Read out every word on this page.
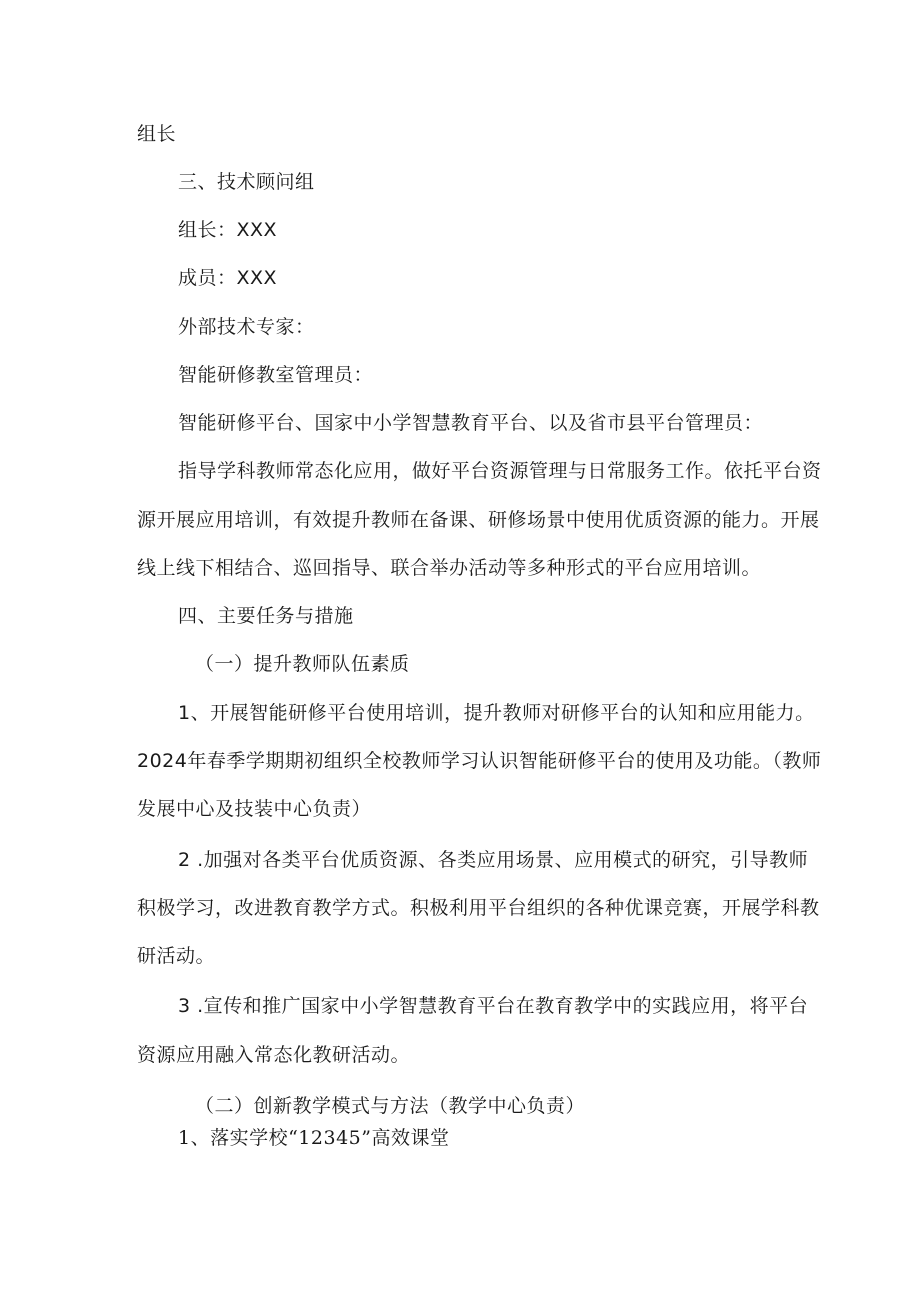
组长
三、技术顾问组
组长：XXX
成员：XXX
外部技术专家：
智能研修教室管理员：
智能研修平台、国家中小学智慧教育平台、以及省市县平台管理员：
指导学科教师常态化应用，做好平台资源管理与日常服务工作。依托平台资
源开展应用培训，有效提升教师在备课、研修场景中使用优质资源的能力。开展
线上线下相结合、巡回指导、联合举办活动等多种形式的平台应用培训。
四、主要任务与措施
（一）提升教师队伍素质
1、开展智能研修平台使用培训，提升教师对研修平台的认知和应用能力。
2024年春季学期期初组织全校教师学习认识智能研修平台的使用及功能。（教师
发展中心及技装中心负责）
2 .加强对各类平台优质资源、各类应用场景、应用模式的研究，引导教师
积极学习，改进教育教学方式。积极利用平台组织的各种优课竞赛，开展学科教
研活动。
3 .宣传和推广国家中小学智慧教育平台在教育教学中的实践应用，将平台
资源应用融入常态化教研活动。
（二）创新教学模式与方法（教学中心负责）
1、落实学校“12345”高效课堂
